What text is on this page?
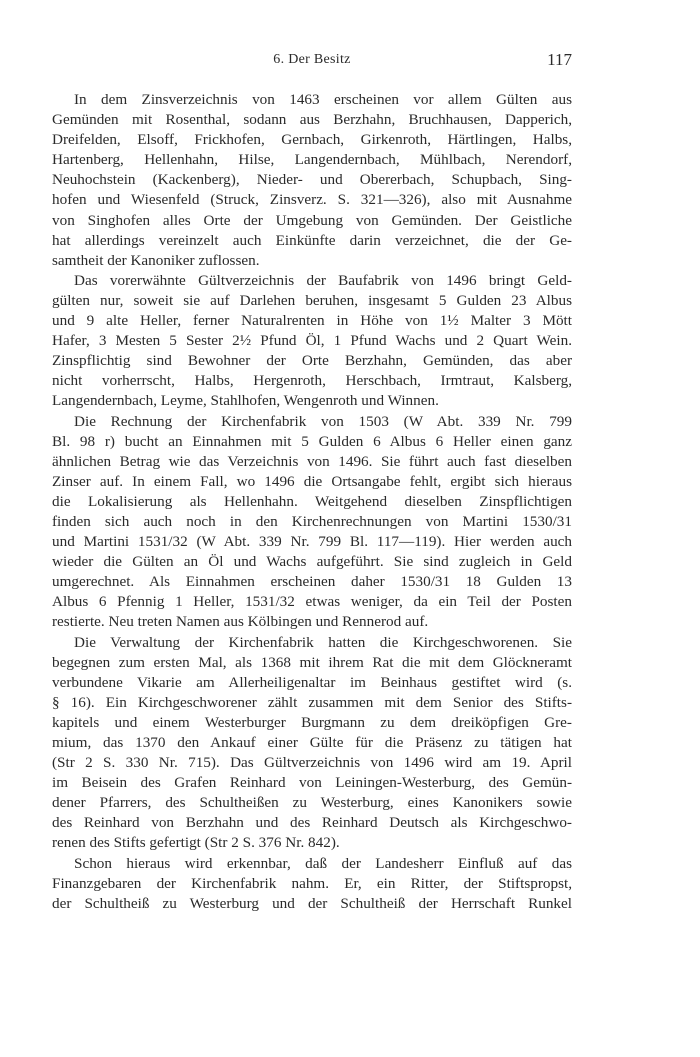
6. Der Besitz	117
In dem Zinsverzeichnis von 1463 erscheinen vor allem Gülten aus
Gemünden mit Rosenthal, sodann aus Berzhahn, Bruchhausen, Dapperich,
Dreifelden, Elsoff, Frickhofen, Gernbach, Girkenroth, Härtlingen, Halbs,
Hartenberg, Hellenhahn, Hilse, Langendernbach, Mühlbach, Nerendorf,
Neuhochstein (Kackenberg), Nieder- und Obererbach, Schupbach, Sing-
hofen und Wiesenfeld (Struck, Zinsverz. S. 321—326), also mit Ausnahme
von Singhofen alles Orte der Umgebung von Gemünden. Der Geistliche
hat allerdings vereinzelt auch Einkünfte darin verzeichnet, die der Ge-
samtheit der Kanoniker zuflossen.
Das vorerwähnte Gültverzeichnis der Baufabrik von 1496 bringt Geld-
gülten nur, soweit sie auf Darlehen beruhen, insgesamt 5 Gulden 23 Albus
und 9 alte Heller, ferner Naturalrenten in Höhe von 1½ Malter 3 Mött
Hafer, 3 Mesten 5 Sester 2½ Pfund Öl, 1 Pfund Wachs und 2 Quart Wein.
Zinspflichtig sind Bewohner der Orte Berzhahn, Gemünden, das aber
nicht vorherrscht, Halbs, Hergenroth, Herschbach, Irmtraut, Kalsberg,
Langendernbach, Leyme, Stahlhofen, Wengenroth und Winnen.
Die Rechnung der Kirchenfabrik von 1503 (W Abt. 339 Nr. 799
Bl. 98 r) bucht an Einnahmen mit 5 Gulden 6 Albus 6 Heller einen ganz
ähnlichen Betrag wie das Verzeichnis von 1496. Sie führt auch fast dieselben
Zinser auf. In einem Fall, wo 1496 die Ortsangabe fehlt, ergibt sich hieraus
die Lokalisierung als Hellenhahn. Weitgehend dieselben Zinspflichtigen
finden sich auch noch in den Kirchenrechnungen von Martini 1530/31
und Martini 1531/32 (W Abt. 339 Nr. 799 Bl. 117—119). Hier werden auch
wieder die Gülten an Öl und Wachs aufgeführt. Sie sind zugleich in Geld
umgerechnet. Als Einnahmen erscheinen daher 1530/31 18 Gulden 13
Albus 6 Pfennig 1 Heller, 1531/32 etwas weniger, da ein Teil der Posten
restierte. Neu treten Namen aus Kölbingen und Rennerod auf.
Die Verwaltung der Kirchenfabrik hatten die Kirchgeschworenen. Sie
begegnen zum ersten Mal, als 1368 mit ihrem Rat die mit dem Glöckneramt
verbundene Vikarie am Allerheiligenaltar im Beinhaus gestiftet wird (s.
§ 16). Ein Kirchgeschworener zählt zusammen mit dem Senior des Stifts-
kapitels und einem Westerburger Burgmann zu dem dreiköpfigen Gre-
mium, das 1370 den Ankauf einer Gülte für die Präsenz zu tätigen hat
(Str 2 S. 330 Nr. 715). Das Gültverzeichnis von 1496 wird am 19. April
im Beisein des Grafen Reinhard von Leiningen-Westerburg, des Gemün-
dener Pfarrers, des Schultheißen zu Westerburg, eines Kanonikers sowie
des Reinhard von Berzhahn und des Reinhard Deutsch als Kirchgeschwo-
renen des Stifts gefertigt (Str 2 S. 376 Nr. 842).
Schon hieraus wird erkennbar, daß der Landesherr Einfluß auf das
Finanzgebaren der Kirchenfabrik nahm. Er, ein Ritter, der Stiftspropst,
der Schultheiß zu Westerburg und der Schultheiß der Herrschaft Runkel
